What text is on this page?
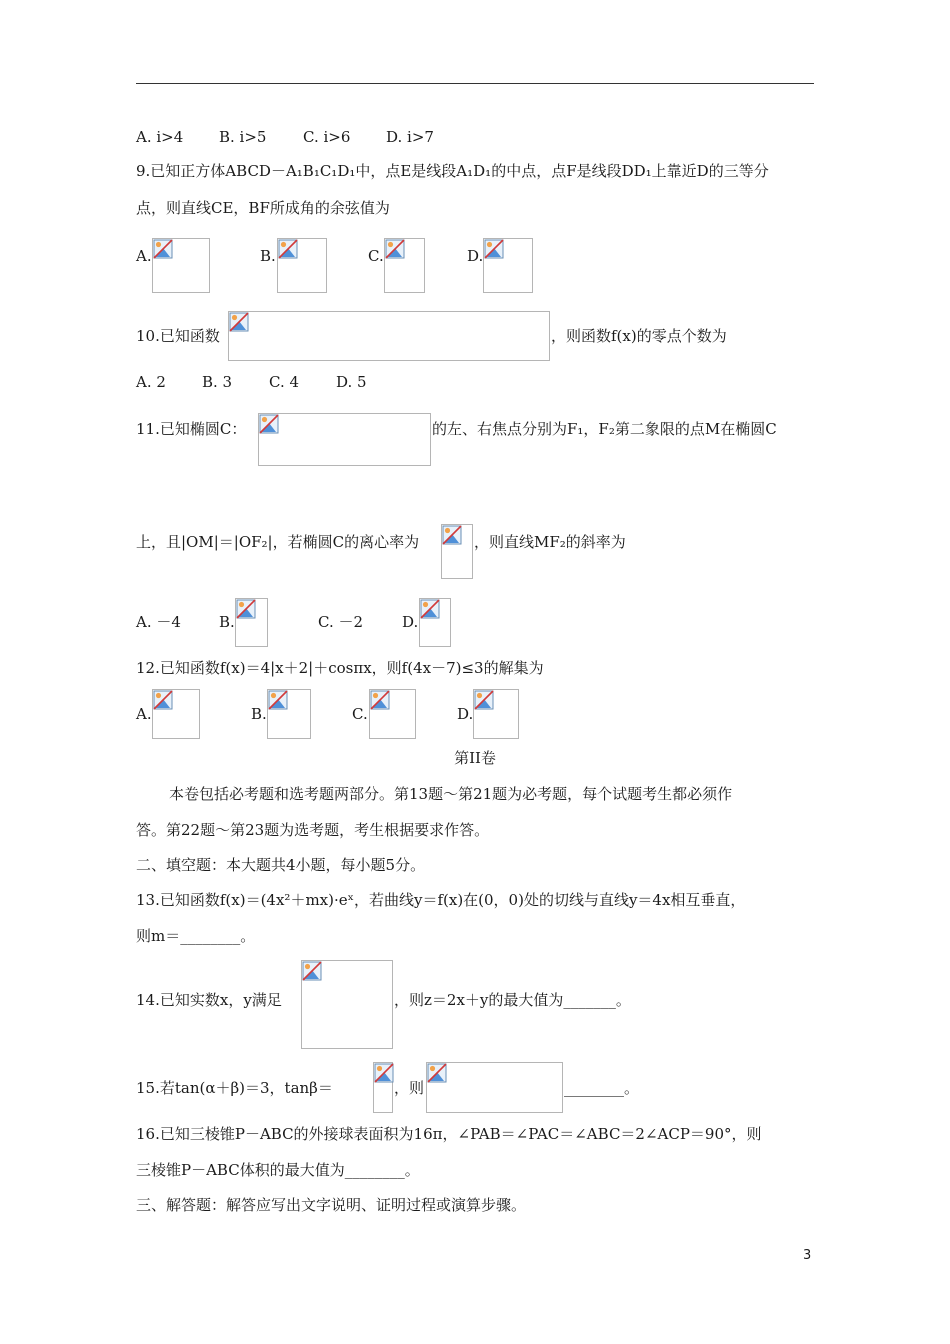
A. i>4 B. i>5 C. i>6 D. i>7
9.已知正方体ABCD－A₁B₁C₁D₁中，点E是线段A₁D₁的中点，点F是线段DD₁上靠近D的三等分
点，则直线CE，BF所成角的余弦值为
A.	B.	C.	D.
10.已知函数	，则函数f(x)的零点个数为
A. 2 B. 3 C. 4 D. 5
11.已知椭圆C：	的左、右焦点分别为F₁，F₂第二象限的点M在椭圆C
上，且|OM|＝|OF₂|，若椭圆C的离心率为	，则直线MF₂的斜率为
A. －4	B.	C. －2	D.
12.已知函数f(x)＝4|x＋2|＋cosπx，则f(4x－7)≤3的解集为
A.	B.	C.	D.
第II卷
本卷包括必考题和选考题两部分。第13题～第21题为必考题，每个试题考生都必须作
答。第22题～第23题为选考题，考生根据要求作答。
二、填空题：本大题共4小题，每小题5分。
13.已知函数f(x)＝(4x²＋mx)·eˣ，若曲线y＝f(x)在(0，0)处的切线与直线y＝4x相互垂直，
则m＝________。
14.已知实数x，y满足	，则z＝2x＋y的最大值为_______。
15.若tan(α＋β)＝3，tanβ＝	，则	________。
16.已知三棱锥P－ABC的外接球表面积为16π，∠PAB＝∠PAC＝∠ABC＝2∠ACP＝90°，则
三棱锥P－ABC体积的最大值为________。
三、解答题：解答应写出文字说明、证明过程或演算步骤。
3
